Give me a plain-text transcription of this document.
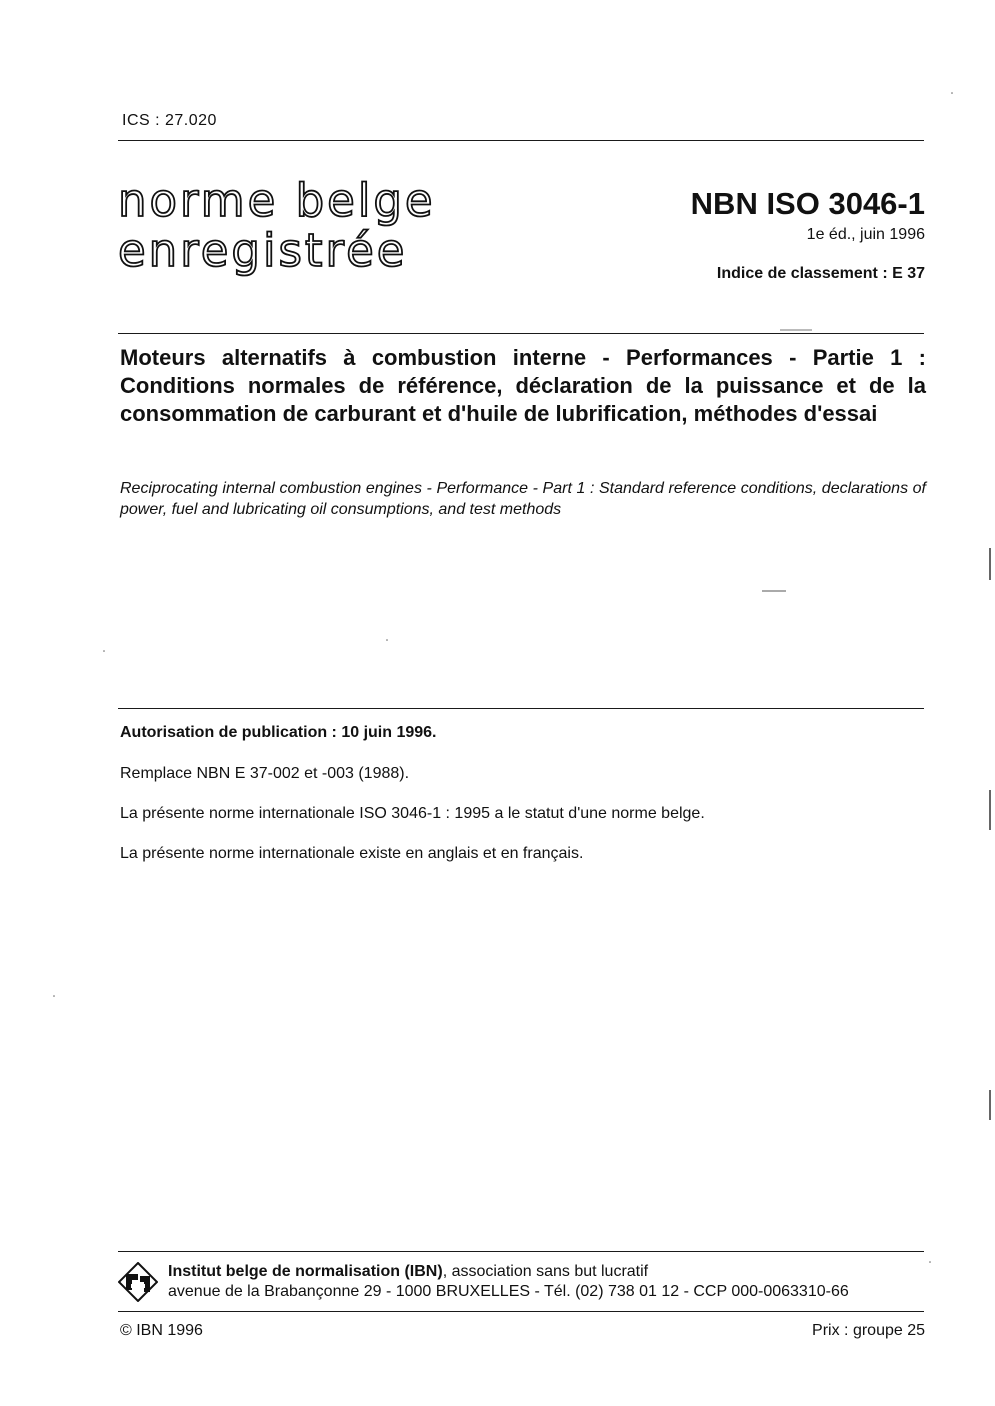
ICS : 27.020
norme belge
enregistrée
NBN ISO 3046-1
1e éd., juin 1996
Indice de classement : E 37
Moteurs alternatifs à combustion interne - Performances - Partie 1 : Conditions normales de référence, déclaration de la puissance et de la consommation de carburant et d'huile de lubrification, méthodes d'essai
Reciprocating internal combustion engines - Performance - Part 1 : Standard reference conditions, declarations of power, fuel and lubricating oil consumptions, and test methods
Autorisation de publication : 10 juin 1996.
Remplace NBN E 37-002 et -003 (1988).
La présente norme internationale ISO 3046-1 : 1995 a le statut d'une norme belge.
La présente norme internationale existe en anglais et en français.
Institut belge de normalisation (IBN), association sans but lucratif
avenue de la Brabançonne 29 - 1000 BRUXELLES - Tél. (02) 738 01 12 - CCP 000-0063310-66
© IBN 1996	Prix : groupe 25
